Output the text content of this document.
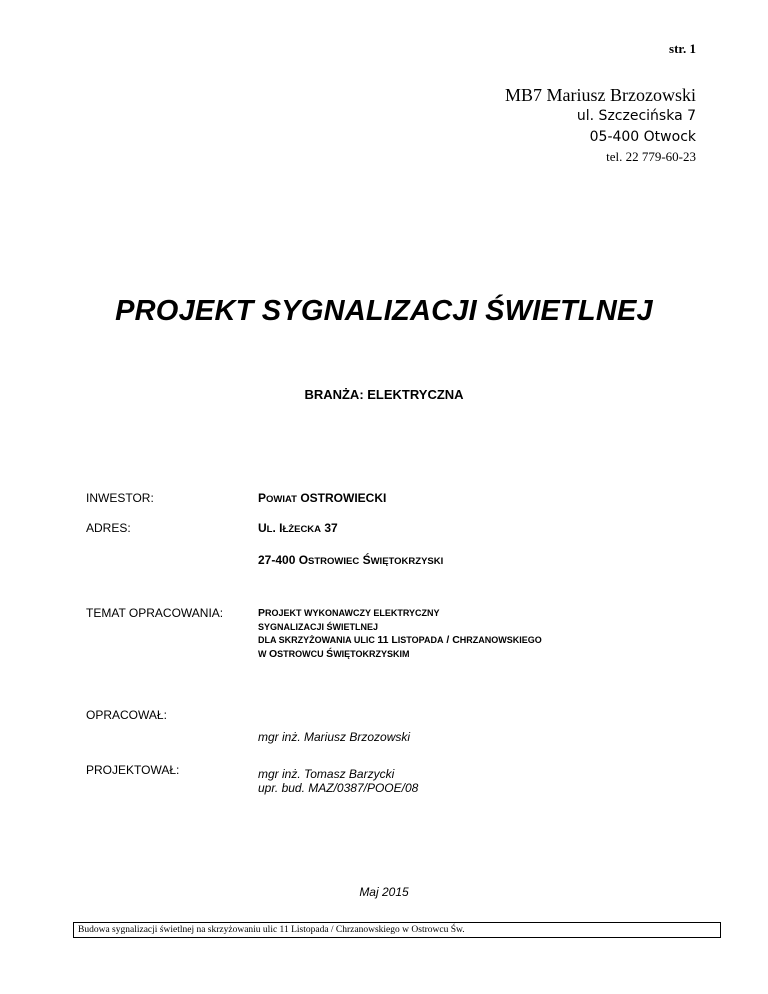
str. 1
MB7 Mariusz Brzozowski
ul. Szczecińska 7
05-400 Otwock
tel. 22 779-60-23
PROJEKT SYGNALIZACJI ŚWIETLNEJ
BRANŻA: ELEKTRYCZNA
INWESTOR:	POWIAT OSTROWIECKI
ADRES:	UL. IŁŻECKA 37
27-400 OSTROWIEC ŚWIĘTOKRZYSKI
TEMAT OPRACOWANIA:	PROJEKT WYKONAWCZY ELEKTRYCZNY
SYGNALIZACJI ŚWIETLNEJ
DLA SKRZYŻOWANIA ULIC 11 LISTOPADA / CHRZANOWSKIEGO
W OSTROWCU ŚWIĘTOKRZYSKIM
OPRACOWAŁ:
mgr inż. Mariusz Brzozowski
PROJEKTOWAŁ:	mgr inż. Tomasz Barzycki
upr. bud. MAZ/0387/POOE/08
Maj 2015
Budowa sygnalizacji świetlnej na skrzyżowaniu ulic 11 Listopada / Chrzanowskiego w Ostrowcu Św.
